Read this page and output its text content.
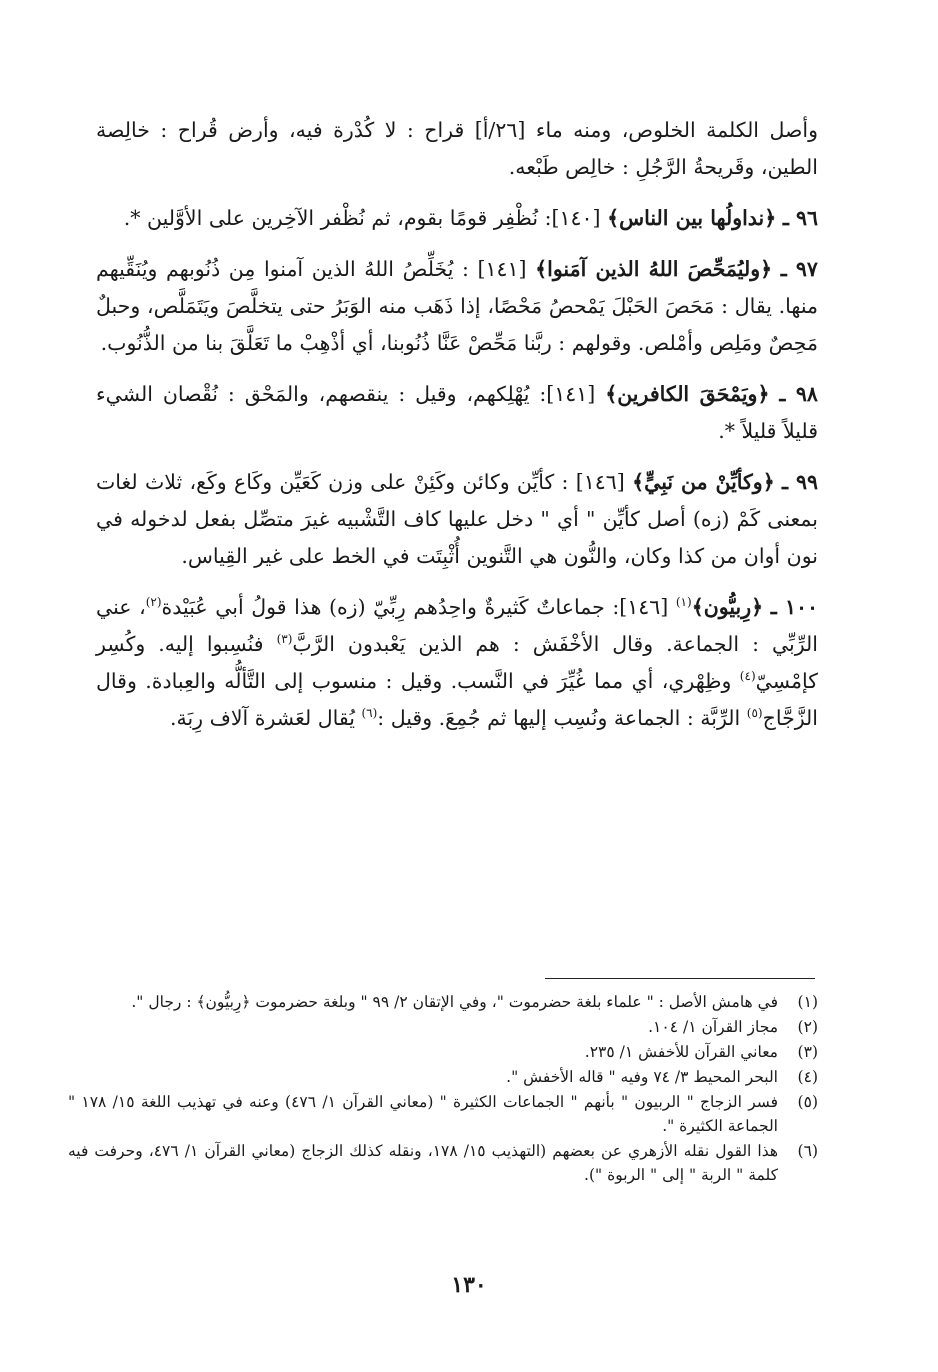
وأصل الكلمة الخلوص، ومنه ماء [٢٦/أ] قراح : لا كُدْرة فيه، وأرض قُراح : خالِصة الطين، وقَريحةُ الرَّجُلِ : خالِص طَبْعه.

٩٦ ـ ﴿نداولُها بين الناس﴾ [١٤٠]: نُظْفِر قومًا بقوم، ثم نُظْفر الآخِرين على الأوَّلين *.

٩٧ ـ ﴿وليُمَحِّصَ اللهُ الذين آمَنوا﴾ [١٤١] : يُخَلِّصُ اللهُ الذين آمنوا مِن ذُنُوبهم ويُنَقِّيهم منها. يقال : مَحَصَ الحَبْلَ يَمْحصُ مَحْصًا، إذا ذَهَب منه الوَبَرُ حتى يتخلَّصَ ويَتَمَلَّص، وحبلٌ مَحِصٌ ومَلِص وأمْلص. وقولهم : ربَّنا مَحِّصْ عَنَّا ذُنُوبنا، أي أذْهِبْ ما تَعَلَّقَ بنا من الذُّنُوب.

٩٨ ـ ﴿ويَمْحَقَ الكافرين﴾ [١٤١]: يُهْلِكهم، وقيل : ينقصهم، والمَحْق : نُقْصان الشيء قليلاً قليلاً *.

٩٩ ـ ﴿وكأيِّنْ من نَبِيٍّ﴾ [١٤٦] : كأيِّن وكائن وكَئِنْ على وزن كَعَيِّن وكَاع وكَع، ثلاث لغات بمعنى كَمْ (زه) أصل كأيِّن " أي " دخل عليها كاف التَّشْبيه غيرَ متصِّل بفعل لدخوله في نون أوان من كذا وكان، والنُّون هي التَّنوين أُثْبِتَت في الخط على غير القِياس.

١٠٠ ـ ﴿رِبيُّون﴾$^{(١)}$ [١٤٦]: جماعاتٌ كَثيرةٌ واحِدُهم رِبِّيّ (زه) هذا قولُ أبي عُبَيْدة$^{(٢)}$، عني الرِّبِّي : الجماعة. وقال الأخْفَش : هم الذين يَعْبدون الرَّبَّ$^{(٣)}$ فنُسِبوا إليه. وكُسِر كإمْسِيّ$^{(٤)}$ وظِهْري، أي مما غُيِّرَ في النَّسب. وقيل : منسوب إلى التَّألُّه والعِبادة. وقال الزَّجَّاج$^{(٥)}$ الرِّبَّة : الجماعة ونُسِب إليها ثم جُمِعَ. وقيل :$^{(٦)}$ يُقال لعَشرة آلاف رِبَة.

(١)
في هامش الأصل : " علماء بلغة حضرموت "، وفي الإتقان ٢/ ٩٩ " وبلغة حضرموت ﴿رِبيُّون﴾ : رجال ".
(٢)
مجاز القرآن ١/ ١٠٤.
(٣)
معاني القرآن للأخفش ١/ ٢٣٥.
(٤)
البحر المحيط ٣/ ٧٤ وفيه " قاله الأخفش ".
(٥)
فسر الزجاج " الربيون " بأنهم " الجماعات الكثيرة " (معاني القرآن ١/ ٤٧٦) وعنه في تهذيب اللغة ١٥/ ١٧٨ " الجماعة الكثيرة ".
(٦)
هذا القول نقله الأزهري عن بعضهم (التهذيب ١٥/ ١٧٨، ونقله كذلك الزجاج (معاني القرآن ١/ ٤٧٦، وحرفت فيه كلمة " الربة " إلى " الربوة ").
١٣٠
